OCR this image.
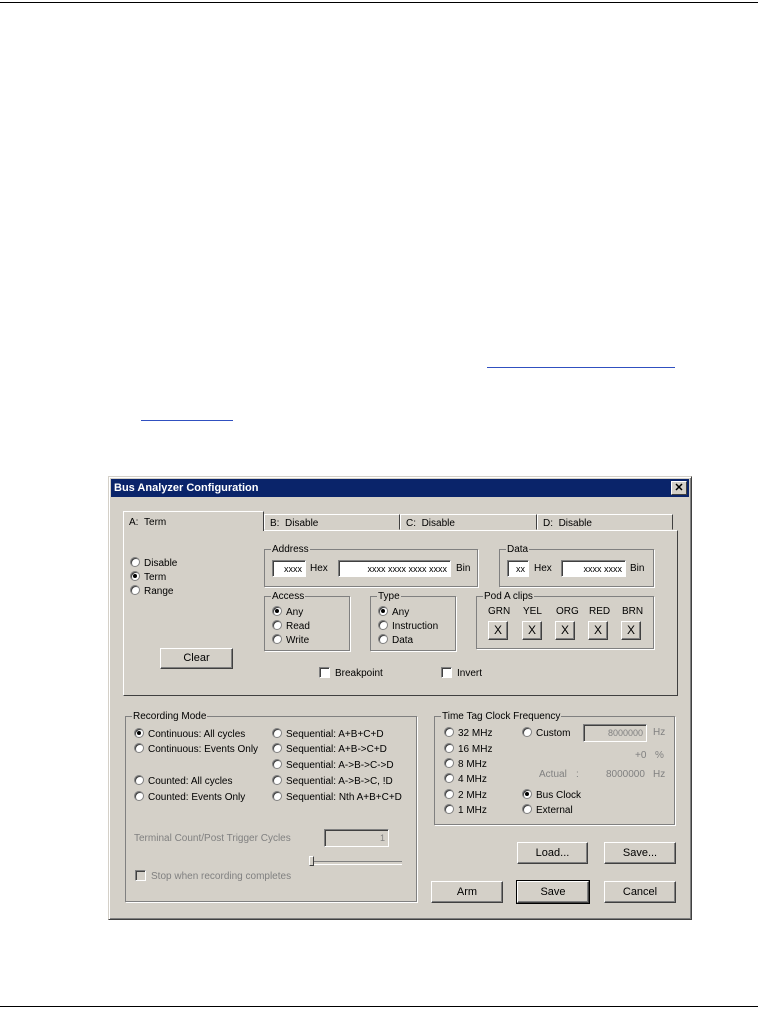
Bus Analyzer Configuration	✕
A: Term	B: Disable	C: Disable	D: Disable
Disable
Term
Range
Clear
Address
xxxx Hex	xxxx xxxx xxxx xxxx Bin
Data
xx Hex	xxxx xxxx Bin
Access
Any
Read
Write
Type
Any
Instruction
Data
Pod A clips
GRN YEL ORG RED BRN
X	X	X	X	X
Breakpoint	Invert
Recording Mode
Continuous: All cycles
Continuous: Events Only
Counted: All cycles
Counted: Events Only
Sequential: A+B+C+D
Sequential: A+B->C+D
Sequential: A->B->C->D
Sequential: A->B->C, !D
Sequential: Nth A+B+C+D
Terminal Count/Post Trigger Cycles	1
Stop when recording completes
Time Tag Clock Frequency
32 MHz
16 MHz
8 MHz
4 MHz
2 MHz
1 MHz
Custom	8000000	Hz
+0 %
Actual :	8000000 Hz
Bus Clock
External
Load...	Save...
Arm	Save	Cancel
